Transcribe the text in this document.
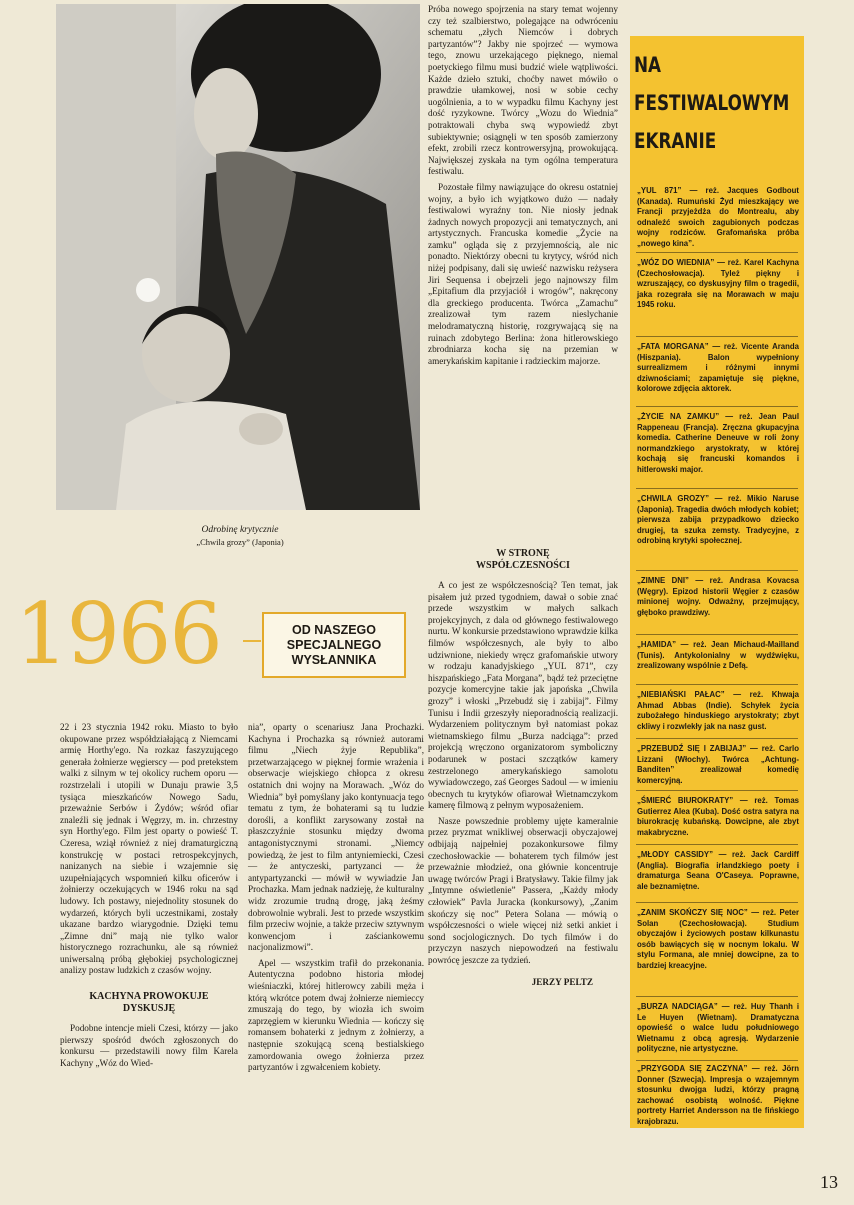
Odrobinę krytycznie
„Chwila grozy” (Japonia)

Próba nowego spojrzenia na stary temat wojenny czy też szalbierstwo, polegające na odwróceniu schematu „złych Niemców i dobrych partyzantów”? Jakby nie spojrzeć — wymowa tego, znowu urzekającego pięknego, niemal poetyckiego filmu musi budzić wiele wątpliwości. Każde dzieło sztuki, choćby nawet mówiło o prawdzie ułamkowej, nosi w sobie cechy uogólnienia, a to w wypadku filmu Kachyny jest dość ryzykowne. Twórcy „Wozu do Wiednia” potraktowali chyba swą wypowiedź zbyt subiektywnie; osiągnęli w ten sposób zamierzony efekt, zrobili rzecz kontrowersyjną, prowokującą. Największej zyskała na tym ogólna temperatura festiwalu.

Pozostałe filmy nawiązujące do okresu ostatniej wojny, a było ich wyjątkowo dużo — nadały festiwalowi wyraźny ton. Nie niosły jednak żadnych nowych propozycji ani tematycznych, ani artystycznych. Francuska komedie „Życie na zamku” ogląda się z przyjemnością, ale nic ponadto. Niektórzy obecni tu krytycy, wśród nich niżej podpisany, dali się uwieść nazwisku reżysera Jiri Sequensa i obejrzeli jego najnowszy film „Epitafium dla przyjaciół i wrogów”, nakręcony dla greckiego producenta. Twórca „Zamachu” zrealizował tym razem nieslychanie melodramatyczną historię, rozgrywającą się na ruinach zdobytego Berlina: żona hitlerowskiego zbrodniarza kocha się na przemian w amerykańskim kapitanie i radzieckim majorze.

W STRONĘ WSPÓŁCZESNOŚCI

A co jest ze współczesnością? Ten temat, jak pisałem już przed tygodniem, dawał o sobie znać przede wszystkim w małych salkach projekcyjnych, z dala od głównego festiwalowego nurtu. W konkursie przedstawiono wprawdzie kilka filmów współczesnych, ale były to albo udziwnione, niekiedy wręcz grafomańskie utwory w rodzaju kanadyjskiego „YUL 871”, czy hiszpańskiego „Fata Morgana”, bądź też przeciętne pozycje komercyjne takie jak japońska „Chwila grozy” i włoski „Przebudź się i zabijaj”. Filmy Tunisu i Indii grzeszyły nieporadnością realizacji. Wydarzeniem politycznym był natomiast pokaz wietnamskiego filmu „Burza nadciąga”: przed projekcją wręczono organizatorom symboliczny podarunek w postaci szczątków kamery zestrzelonego amerykańskiego samolotu wywiadowczego, zaś Georges Sadoul — w imieniu obecnych tu krytyków ofiarował Wietnamczykom kamerę filmową z pełnym wyposażeniem.

Nasze powszednie problemy ujęte kameralnie przez pryzmat wnikliwej obserwacji obyczajowej odbijają najpełniej pozakonkursowe filmy czechosłowackie — bohaterem tych filmów jest przeważnie młodzież, ona głównie koncentruje uwagę twórców Pragi i Bratysławy. Takie filmy jak „Intymne oświetlenie” Passera, „Każdy młody człowiek” Pavla Juracka (konkursowy), „Zanim skończy się noc” Petera Solana — mówią o współczesności o wiele więcej niż setki ankiet i sond socjologicznych. Do tych filmów i do przyczyn naszych niepowodzeń na festiwalu powrócę jeszcze za tydzień.

JERZY PELTZ
1966	OD NASZEGO
SPECJALNEGO
WYSŁANNIKA

22 i 23 stycznia 1942 roku. Miasto to było okupowane przez współdziałającą z Niemcami armię Horthy'ego. Na rozkaz faszyzującego generała żołnierze węgierscy — pod pretekstem walki z silnym w tej okolicy ruchem oporu — rozstrzelali i utopili w Dunaju prawie 3,5 tysiąca mieszkańców Nowego Sadu, przeważnie Serbów i Żydów; wśród ofiar znaleźli się jednak i Węgrzy, m. in. chrzestny syn Horthy'ego. Film jest oparty o powieść T. Czeresa, wziął również z niej dramaturgiczną konstrukcję w postaci retrospekcyjnych, nanizanych na siebie i wzajemnie się uzupełniających wspomnień kilku oficerów i żołnierzy oczekujących w 1946 roku na sąd ludowy. Ich postawy, niejednolity stosunek do wydarzeń, których byli uczestnikami, zostały ukazane bardzo wiarygodnie. Dzięki temu „Zimne dni” mają nie tylko walor historycznego rozrachunku, ale są również uniwersalną próbą głębokiej psychologicznej analizy postaw ludzkich z czasów wojny.

KACHYNA PROWOKUJE DYSKUSJĘ

Podobne intencje mieli Czesi, którzy — jako pierwszy spośród dwóch zgłoszonych do konkursu — przedstawili nowy film Karela Kachyny „Wóz do Wied-

nia”, oparty o scenariusz Jana Prochazki. Kachyna i Prochazka są również autorami filmu „Niech żyje Republika”, przetwarzającego w pięknej formie wrażenia i obserwacje wiejskiego chłopca z okresu ostatnich dni wojny na Morawach. „Wóz do Wiednia” był pomyślany jako kontynuacja tego tematu z tym, że bohaterami są tu ludzie dorośli, a konflikt zarysowany został na płaszczyźnie stosunku między dwoma antagonistycznymi stronami. „Niemcy powiedzą, że jest to film antyniemiecki, Czesi — że antyczeski, partyzanci — że antypartyzancki — mówił w wywiadzie Jan Prochazka. Mam jednak nadzieję, że kulturalny widz zrozumie trudną drogę, jaką żeśmy dobrowolnie wybrali. Jest to przede wszystkim film przeciw wojnie, a także przeciw sztywnym konwencjom i zaściankowemu nacjonalizmowi”.

Apel — wszystkim trafił do przekonania. Autentyczna podobno historia młodej wieśniaczki, której hitlerowcy zabili męża i którą wkrótce potem dwaj żołnierze niemieccy zmuszają do tego, by wiozła ich swoim zaprzęgiem w kierunku Wiednia — kończy się romansem bohaterki z jednym z żołnierzy, a następnie szokującą sceną bestialskiego zamordowania owego żołnierza przez partyzantów i zgwałceniem kobiety.

NA
FESTIWALOWYM
EKRANIE
„YUL 871” — reż. Jacques Godbout (Kanada). Rumuński Żyd mieszkający we Francji przyjeżdża do Montrealu, aby odnaleźć swoich zagubionych podczas wojny rodziców. Grafomańska próba „nowego kina”.
„WÓZ DO WIEDNIA” — reż. Karel Kachyna (Czechosłowacja). Tyleż piękny i wzruszający, co dyskusyjny film o tragedii, jaka rozegrała się na Morawach w maju 1945 roku.
„FATA MORGANA” — reż. Vicente Aranda (Hiszpania). Balon wypełniony surrealizmem i różnymi innymi dziwnościami; zapamiętuje się piękne, kolorowe zdjęcia aktorek.
„ŻYCIE NA ZAMKU” — reż. Jean Paul Rappeneau (Francja). Zręczna gkupacyjna komedia. Catherine Deneuve w roli żony normandzkiego arystokraty, w której kochają się francuski komandos i hitlerowski major.
„CHWILA GROZY” — reż. Mikio Naruse (Japonia). Tragedia dwóch młodych kobiet; pierwsza zabija przypadkowo dziecko drugiej, ta szuka zemsty. Tradycyjne, z odrobiną krytyki społecznej.
„ZIMNE DNI” — reż. Andrasa Kovacsa (Węgry). Epizod historii Węgier z czasów minionej wojny. Odważny, przejmujący, głęboko prawdziwy.
„HAMIDA” — reż. Jean Michaud-Mailland (Tunis). Antykolonialny w wydźwięku, zrealizowany wspólnie z Defą.
„NIEBIAŃSKI PAŁAC” — reż. Khwaja Ahmad Abbas (Indie). Schyłek życia zubożałego hinduskiego arystokraty; zbyt ckliwy i rozwlekły jak na nasz gust.
„PRZEBUDŹ SIĘ I ZABIJAJ” — reż. Carlo Lizzani (Włochy). Twórca „Achtung-Banditen” zrealizował komedię komercyjną.
„ŚMIERĆ BIUROKRATY” — reż. Tomas Gutierrez Alea (Kuba). Dość ostra satyra na biurokrację kubańską. Dowcipne, ale zbyt makabryczne.
„MŁODY CASSIDY” — reż. Jack Cardiff (Anglia). Biografia irlandzkiego poety i dramaturga Seana O'Caseya. Poprawne, ale beznamiętne.
„ZANIM SKOŃCZY SIĘ NOC” — reż. Peter Solan (Czechosłowacja). Studium obyczajów i życiowych postaw kilkunastu osób bawiących się w nocnym lokalu. W stylu Formana, ale mniej dowcipne, za to bardziej kreacyjne.
„BURZA NADCIĄGA” — reż. Huy Thanh i Le Huyen (Wietnam). Dramatyczna opowieść o walce ludu południowego Wietnamu z obcą agresją. Wydarzenie polityczne, nie artystyczne.
„PRZYGODA SIĘ ZACZYNA” — reż. Jörn Donner (Szwecja). Impresja o wzajemnym stosunku dwojga ludzi, którzy pragną zachować osobistą wolność. Piękne portrety Harriet Andersson na tle fińskiego krajobrazu.
13
